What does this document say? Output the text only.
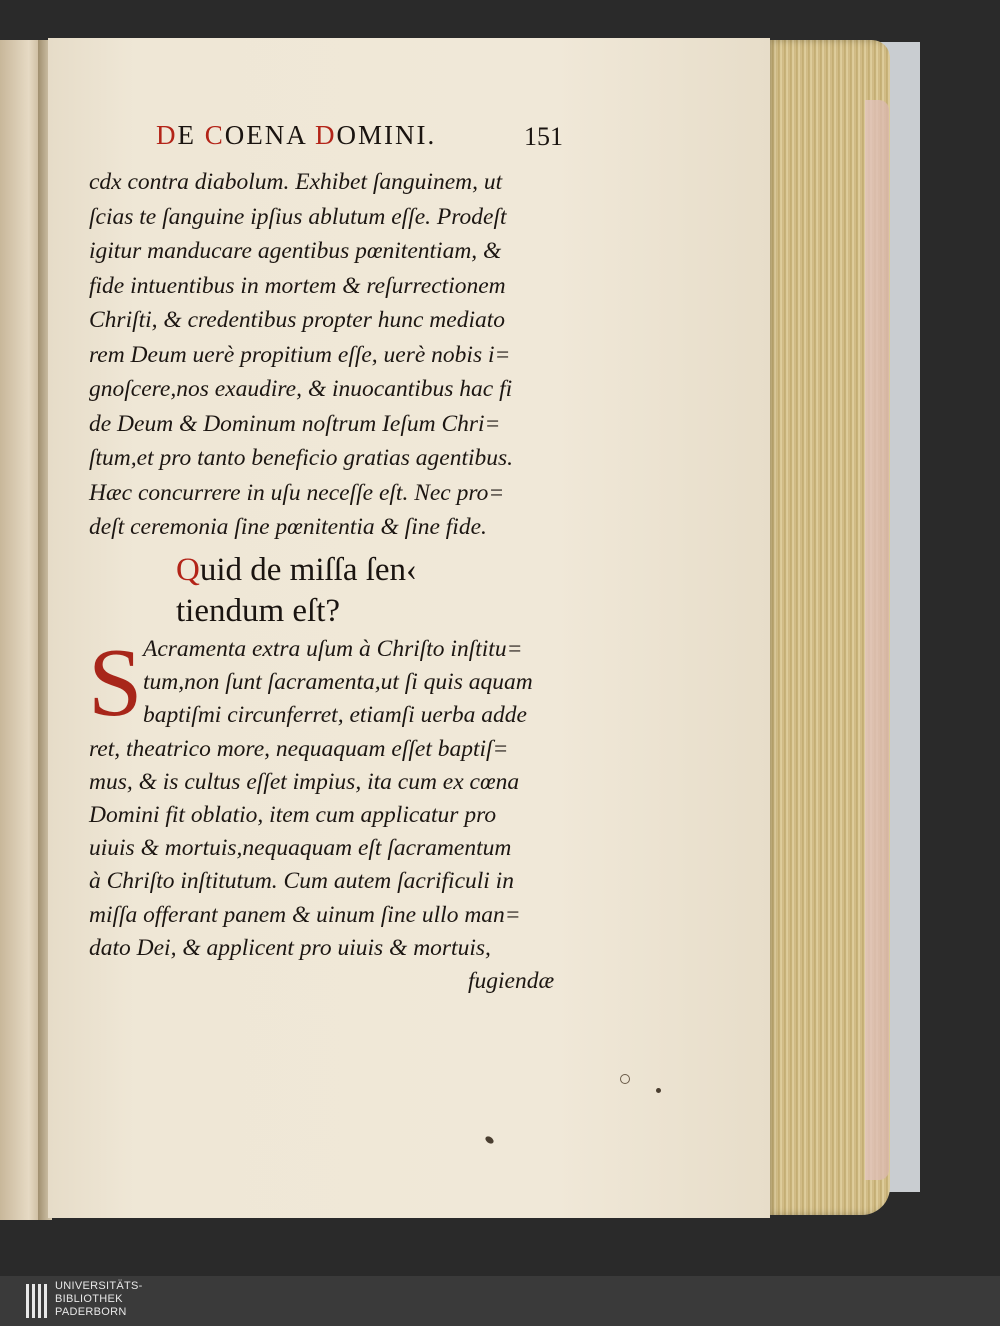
DE COENA DOMINI.	151
cdx contra diabolum. Exhibet ſanguinem, ut
ſcias te ſanguine ipſius ablutum eſſe. Prodeſt
igitur manducare agentibus pœnitentiam, &
fide intuentibus in mortem & reſurrectionem
Chriſti, & credentibus propter hunc mediato
rem Deum uerè propitium eſſe, uerè nobis i=
gnoſcere,nos exaudire, & inuocantibus hac fi
de Deum & Dominum noſtrum Ieſum Chri=
ſtum,et pro tanto beneficio gratias agentibus.
Hæc concurrere in uſu neceſſe eſt. Nec pro=
deſt ceremonia ſine pœnitentia & ſine fide.
Quid de miſſa ſen‹
tiendum eſt?
S Acramenta extra uſum à Chriſto inſtitu=
tum,non ſunt ſacramenta,ut ſi quis aquam
baptiſmi circunferret, etiamſi uerba adde
ret, theatrico more, nequaquam eſſet baptiſ=
mus, & is cultus eſſet impius, ita cum ex cœna
Domini fit oblatio, item cum applicatur pro
uiuis & mortuis,nequaquam eſt ſacramentum
à Chriſto inſtitutum. Cum autem ſacrificuli in
miſſa offerant panem & uinum ſine ullo man=
dato Dei, & applicent pro uiuis & mortuis,
fugiendæ
UNIVERSITÄTS-
BIBLIOTHEK
PADERBORN
